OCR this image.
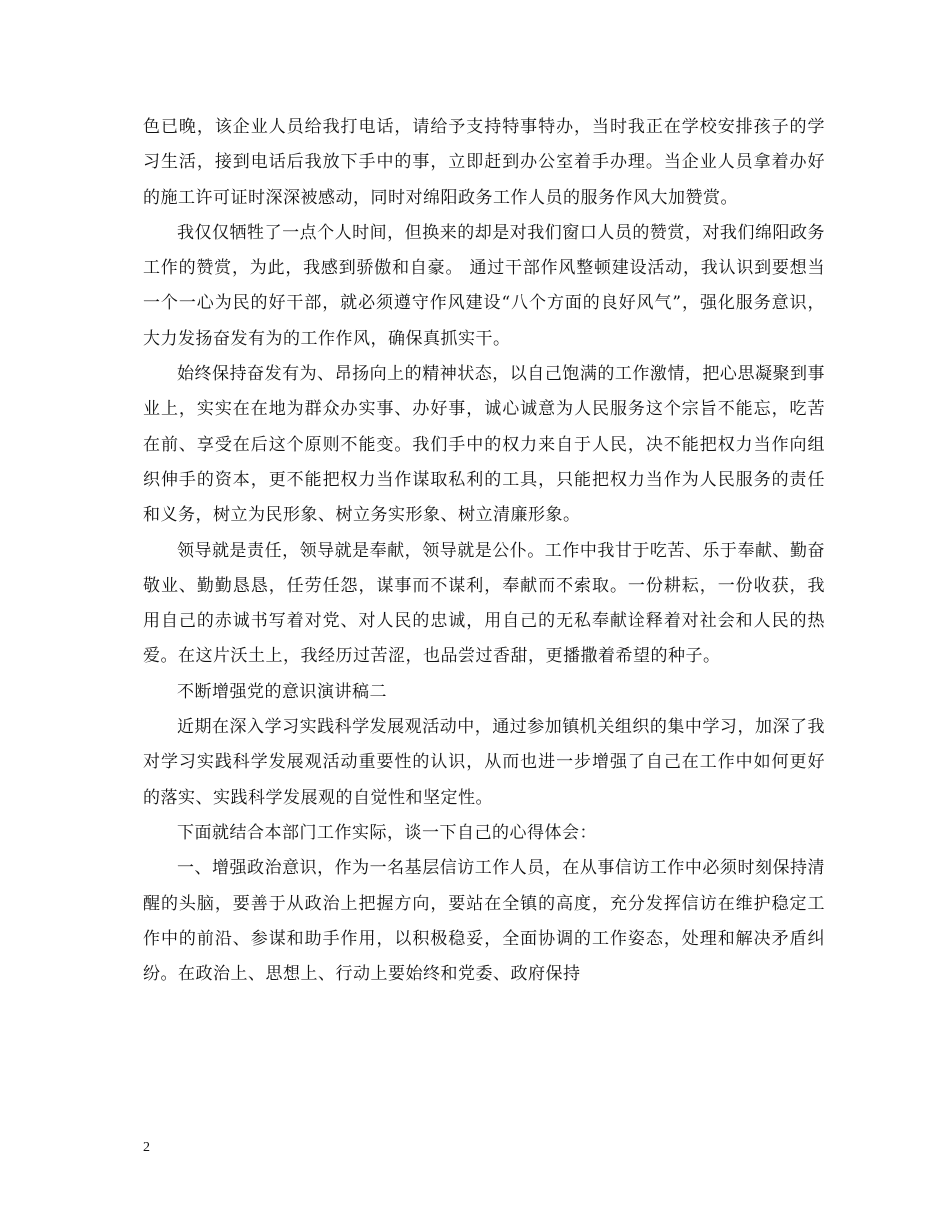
色已晚，该企业人员给我打电话，请给予支持特事特办，当时我正在学校安排孩子的学习生活，接到电话后我放下手中的事，立即赶到办公室着手办理。当企业人员拿着办好的施工许可证时深深被感动，同时对绵阳政务工作人员的服务作风大加赞赏。

我仅仅牺牲了一点个人时间，但换来的却是对我们窗口人员的赞赏，对我们绵阳政务工作的赞赏，为此，我感到骄傲和自豪。 通过干部作风整顿建设活动，我认识到要想当一个一心为民的好干部，就必须遵守作风建设“八个方面的良好风气”，强化服务意识，大力发扬奋发有为的工作作风，确保真抓实干。

始终保持奋发有为、昂扬向上的精神状态，以自己饱满的工作激情，把心思凝聚到事业上，实实在在地为群众办实事、办好事，诚心诚意为人民服务这个宗旨不能忘，吃苦在前、享受在后这个原则不能变。我们手中的权力来自于人民，决不能把权力当作向组织伸手的资本，更不能把权力当作谋取私利的工具，只能把权力当作为人民服务的责任和义务，树立为民形象、树立务实形象、树立清廉形象。

领导就是责任，领导就是奉献，领导就是公仆。工作中我甘于吃苦、乐于奉献、勤奋敬业、勤勤恳恳，任劳任怨，谋事而不谋利，奉献而不索取。一份耕耘，一份收获，我用自己的赤诚书写着对党、对人民的忠诚，用自己的无私奉献诠释着对社会和人民的热爱。在这片沃土上，我经历过苦涩，也品尝过香甜，更播撒着希望的种子。

不断增强党的意识演讲稿二

近期在深入学习实践科学发展观活动中，通过参加镇机关组织的集中学习，加深了我对学习实践科学发展观活动重要性的认识，从而也进一步增强了自己在工作中如何更好的落实、实践科学发展观的自觉性和坚定性。

下面就结合本部门工作实际，谈一下自己的心得体会：

一、增强政治意识，作为一名基层信访工作人员，在从事信访工作中必须时刻保持清醒的头脑，要善于从政治上把握方向，要站在全镇的高度，充分发挥信访在维护稳定工作中的前沿、参谋和助手作用，以积极稳妥，全面协调的工作姿态，处理和解决矛盾纠纷。在政治上、思想上、行动上要始终和党委、政府保持

2
